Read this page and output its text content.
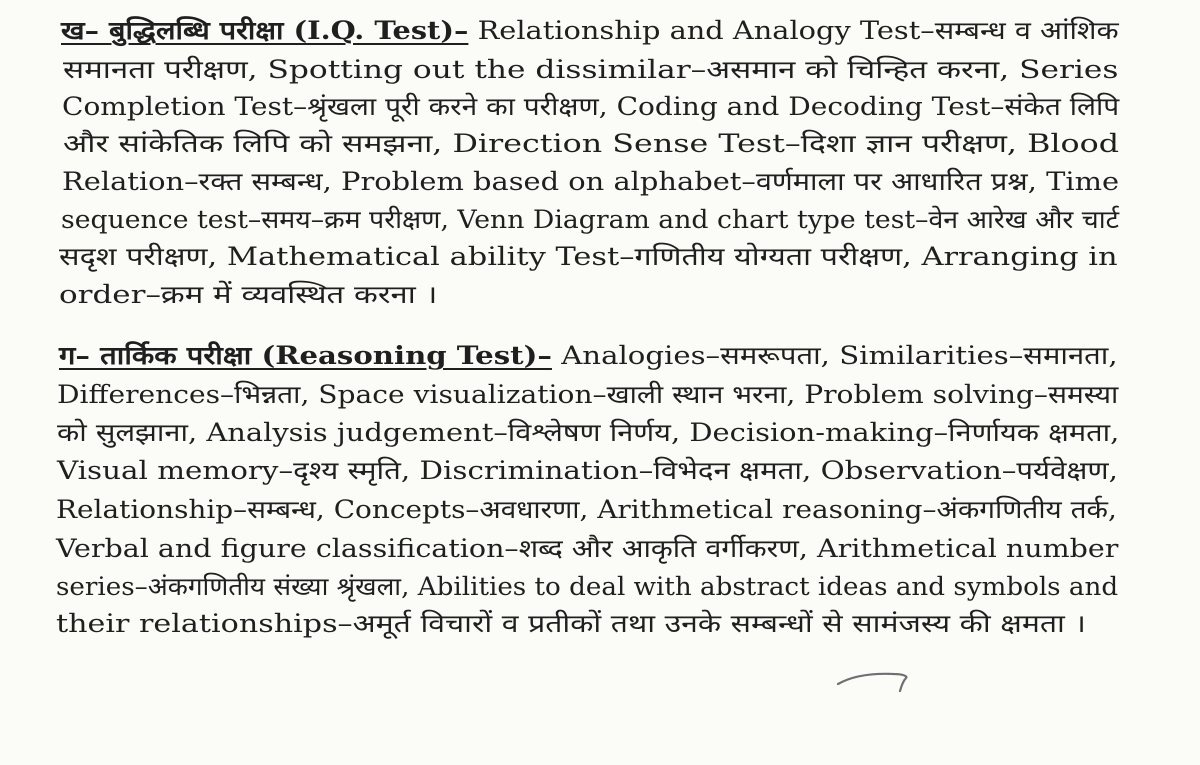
ख– बुद्धिलब्धि परीक्षा (I.Q. Test)– Relationship and Analogy Test–सम्बन्ध व आंशिक
समानता परीक्षण, Spotting out the dissimilar–असमान को चिन्हित करना, Series
Completion Test–श्रृंखला पूरी करने का परीक्षण, Coding and Decoding Test–संकेत लिपि
और सांकेतिक लिपि को समझना, Direction Sense Test–दिशा ज्ञान परीक्षण, Blood
Relation–रक्त सम्बन्ध, Problem based on alphabet–वर्णमाला पर आधारित प्रश्न, Time
sequence test–समय–क्रम परीक्षण, Venn Diagram and chart type test–वेन आरेख और चार्ट
सदृश परीक्षण, Mathematical ability Test–गणितीय योग्यता परीक्षण, Arranging in
order–क्रम में व्यवस्थित करना ।
ग– तार्किक परीक्षा (Reasoning Test)– Analogies–समरूपता, Similarities–समानता,
Differences–भिन्नता, Space visualization–खाली स्थान भरना, Problem solving–समस्या
को सुलझाना, Analysis judgement–विश्लेषण निर्णय, Decision-making–निर्णायक क्षमता,
Visual memory–दृश्य स्मृति, Discrimination–विभेदन क्षमता, Observation–पर्यवेक्षण,
Relationship–सम्बन्ध, Concepts–अवधारणा, Arithmetical reasoning–अंकगणितीय तर्क,
Verbal and figure classification–शब्द और आकृति वर्गीकरण, Arithmetical number
series–अंकगणितीय संख्या श्रृंखला, Abilities to deal with abstract ideas and symbols and
their relationships–अमूर्त विचारों व प्रतीकों तथा उनके सम्बन्धों से सामंजस्य की क्षमता ।
